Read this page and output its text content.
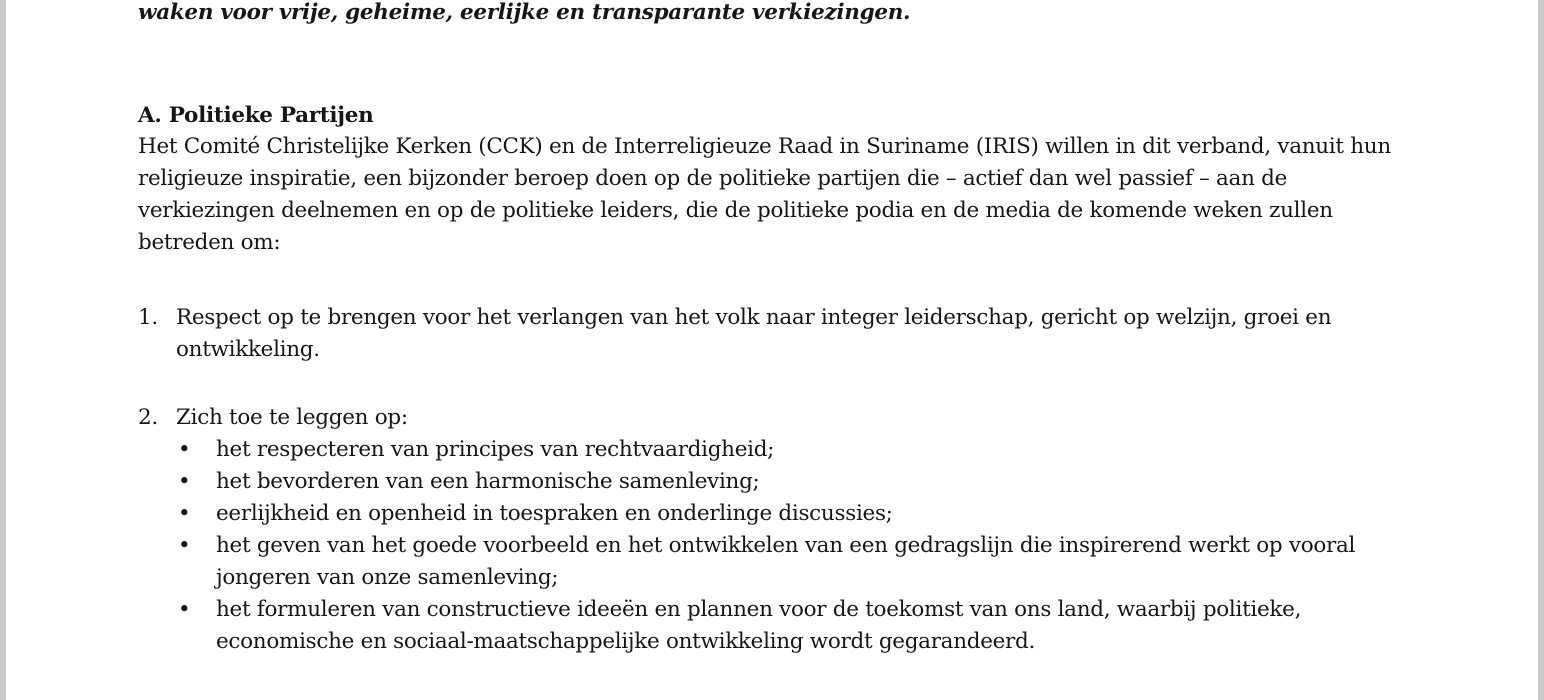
waken voor vrije, geheime, eerlijke en transparante verkiezingen.
A. Politieke Partijen
Het Comité Christelijke Kerken (CCK) en de Interreligieuze Raad in Suriname (IRIS) willen in dit verband, vanuit hun religieuze inspiratie, een bijzonder beroep doen op de politieke partijen die – actief dan wel passief – aan de verkiezingen deelnemen en op de politieke leiders, die de politieke podia en de media de komende weken zullen betreden om:
1. Respect op te brengen voor het verlangen van het volk naar integer leiderschap, gericht op welzijn, groei en ontwikkeling.
2. Zich toe te leggen op:
• het respecteren van principes van rechtvaardigheid;
• het bevorderen van een harmonische samenleving;
• eerlijkheid en openheid in toespraken en onderlinge discussies;
• het geven van het goede voorbeeld en het ontwikkelen van een gedragslijn die inspirerend werkt op vooral jongeren van onze samenleving;
• het formuleren van constructieve ideeën en plannen voor de toekomst van ons land, waarbij politieke, economische en sociaal-maatschappelijke ontwikkeling wordt gegarandeerd.
